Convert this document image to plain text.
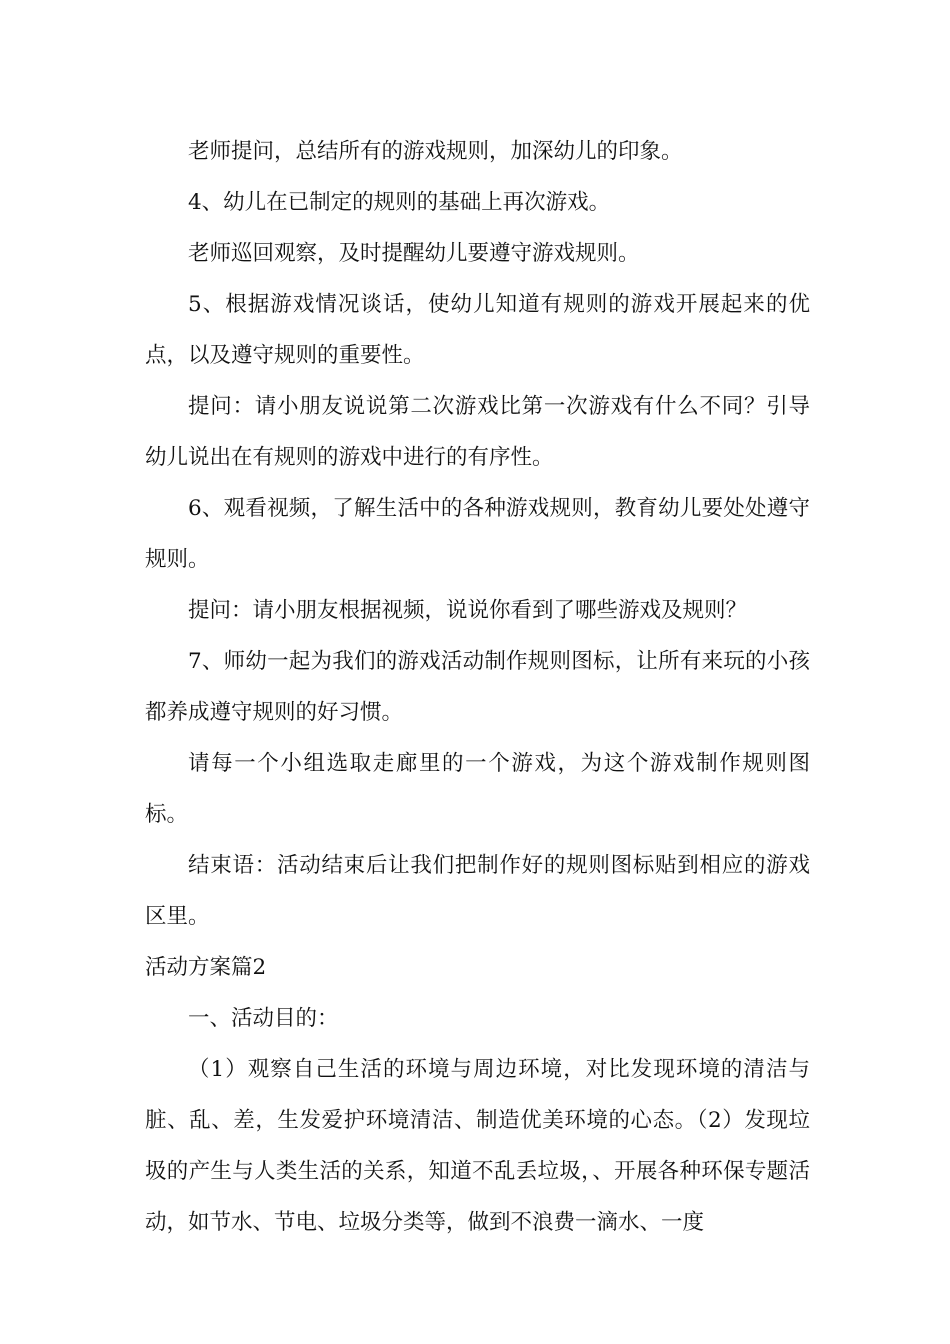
老师提问，总结所有的游戏规则，加深幼儿的印象。

4、幼儿在已制定的规则的基础上再次游戏。

老师巡回观察，及时提醒幼儿要遵守游戏规则。

5、根据游戏情况谈话，使幼儿知道有规则的游戏开展起来的优点，以及遵守规则的重要性。

提问：请小朋友说说第二次游戏比第一次游戏有什么不同？引导幼儿说出在有规则的游戏中进行的有序性。

6、观看视频，了解生活中的各种游戏规则，教育幼儿要处处遵守规则。

提问：请小朋友根据视频，说说你看到了哪些游戏及规则？

7、师幼一起为我们的游戏活动制作规则图标，让所有来玩的小孩都养成遵守规则的好习惯。

请每一个小组选取走廊里的一个游戏，为这个游戏制作规则图标。

结束语：活动结束后让我们把制作好的规则图标贴到相应的游戏区里。

活动方案篇2

一、活动目的：

（1）观察自己生活的环境与周边环境，对比发现环境的清洁与脏、乱、差，生发爱护环境清洁、制造优美环境的心态。（2）发现垃圾的产生与人类生活的关系，知道不乱丢垃圾，、开展各种环保专题活动，如节水、节电、垃圾分类等，做到不浪费一滴水、一度
